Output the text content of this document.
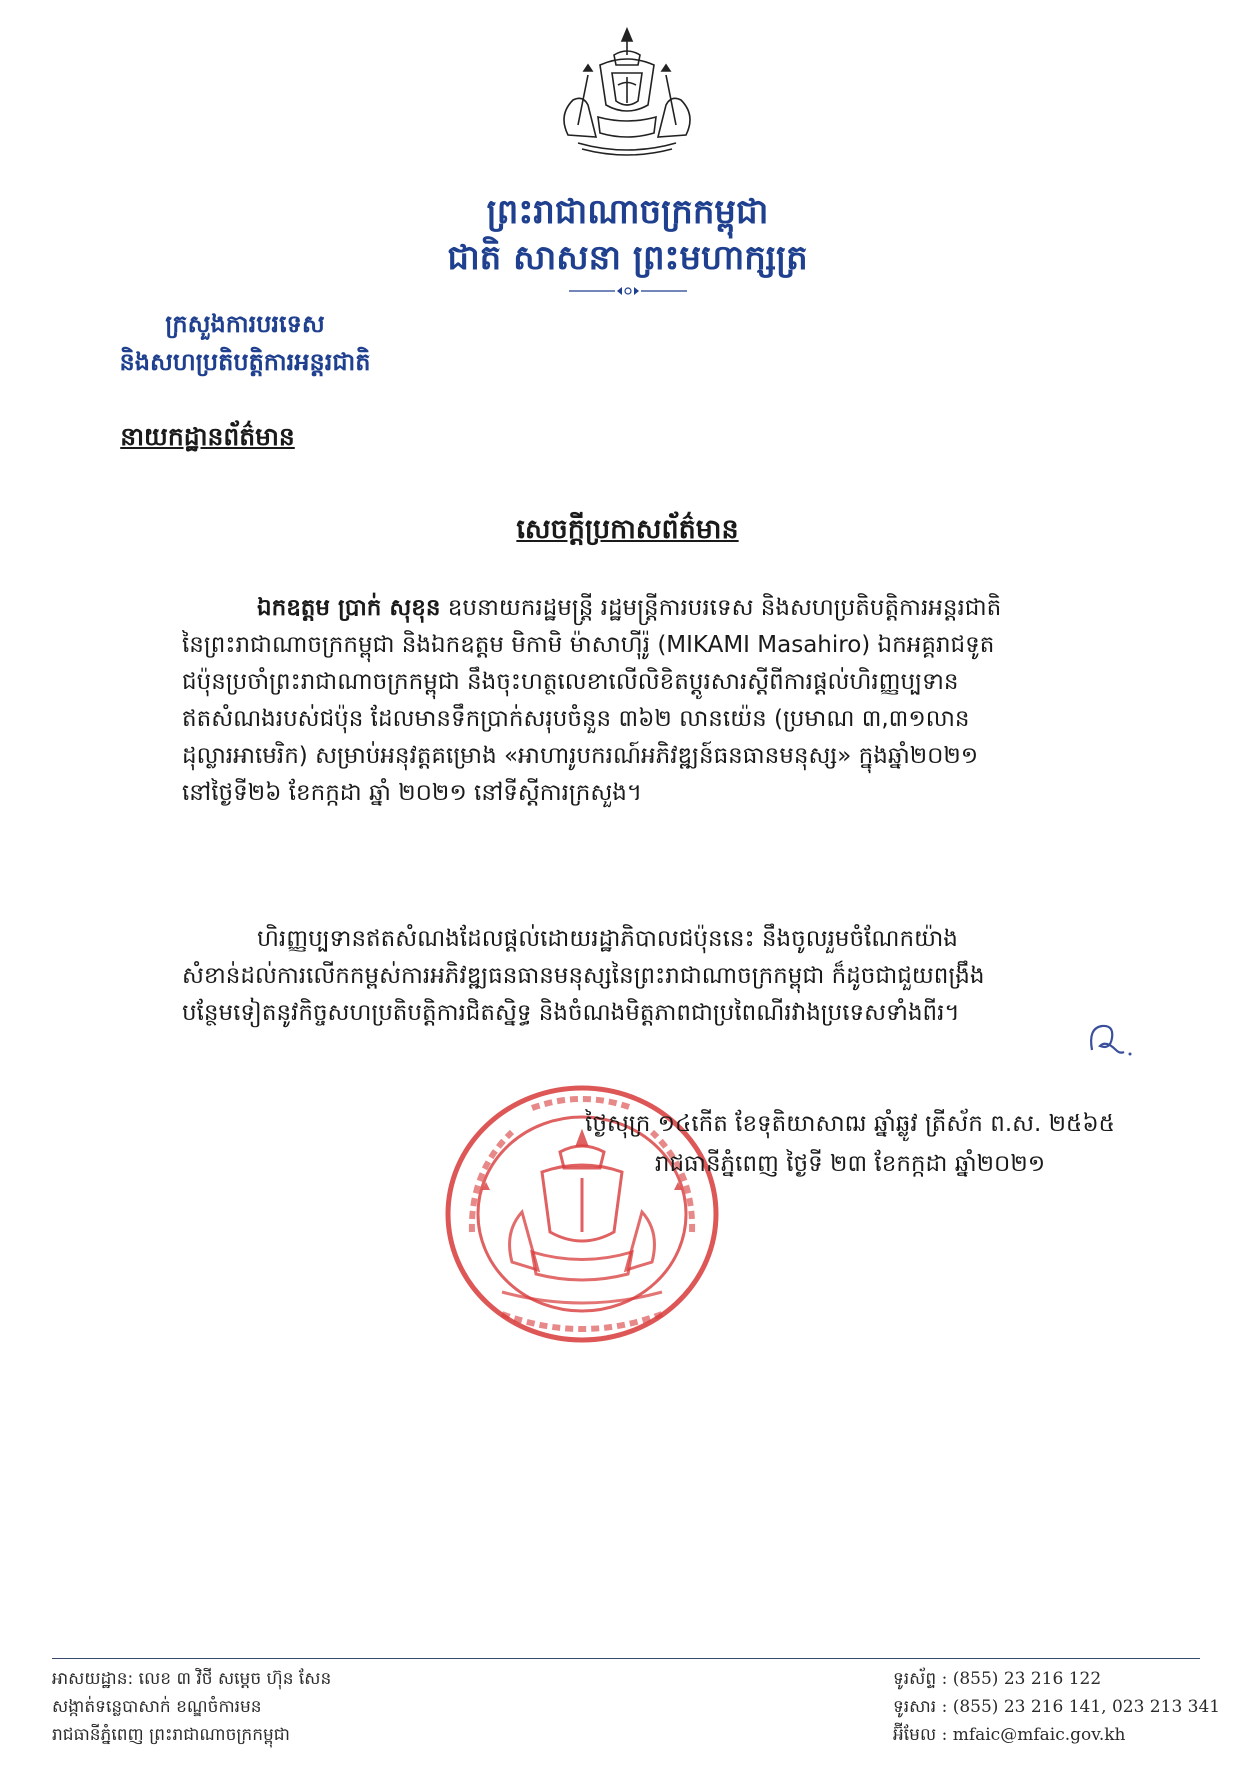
ព្រះរាជាណាចក្រកម្ពុជា
ជាតិ សាសនា ព្រះមហាក្សត្រ
ក្រសួងការបរទេស
និងសហប្រតិបត្តិការអន្តរជាតិ
នាយកដ្ឋានព័ត៌មាន
សេចក្តីប្រកាសព័ត៌មាន

ឯកឧត្តម ប្រាក់ សុខុន ឧបនាយករដ្ឋមន្ត្រី រដ្ឋមន្ត្រីការបរទេស និងសហប្រតិបត្តិការអន្តរជាតិ

នៃព្រះរាជាណាចក្រកម្ពុជា និងឯកឧត្តម មិកាមិ ម៉ាសាហ៊ីរ៉ូ (MIKAMI Masahiro) ឯកអគ្គរាជទូត

ជប៉ុនប្រចាំព្រះរាជាណាចក្រកម្ពុជា នឹងចុះហត្ថលេខាលើលិខិតប្តូរសារស្តីពីការផ្តល់ហិរញ្ញប្បទាន

ឥតសំណងរបស់ជប៉ុន ដែលមានទឹកប្រាក់សរុបចំនួន ៣៦២ លានយ៉េន (ប្រមាណ ៣,៣១លាន

ដុល្លារអាមេរិក) សម្រាប់អនុវត្តគម្រោង «អាហារូបករណ៍អភិវឌ្ឍន៍ធនធានមនុស្ស» ក្នុងឆ្នាំ២០២១

នៅថ្ងៃទី២៦ ខែកក្កដា ឆ្នាំ ២០២១ នៅទីស្តីការក្រសួង។

ហិរញ្ញប្បទានឥតសំណងដែលផ្តល់ដោយរដ្ឋាភិបាលជប៉ុននេះ នឹងចូលរួមចំណែកយ៉ាង

សំខាន់ដល់ការលើកកម្ពស់ការអភិវឌ្ឍធនធានមនុស្សនៃព្រះរាជាណាចក្រកម្ពុជា ក៏ដូចជាជួយពង្រឹង

បន្ថែមទៀតនូវកិច្ចសហប្រតិបត្តិការជិតស្និទ្ធ និងចំណងមិត្តភាពជាប្រពៃណីរវាងប្រទេសទាំងពីរ។

ថ្ងៃសុក្រ ១៤កើត ខែទុតិយាសាឍ ឆ្នាំឆ្លូវ ត្រីស័ក ព.ស. ២៥៦៥
រាជធានីភ្នំពេញ ថ្ងៃទី ២៣ ខែកក្កដា ឆ្នាំ២០២១
អាសយដ្ឋាន: លេខ ៣ វិថី សម្តេច ហ៊ុន សែន
សង្កាត់ទន្លេបាសាក់ ខណ្ឌចំការមន
រាជធានីភ្នំពេញ ព្រះរាជាណាចក្រកម្ពុជា
ទូរស័ព្ទ : (855) 23 216 122
ទូរសារ : (855) 23 216 141, 023 213 341
អ៊ីមែល : mfaic@mfaic.gov.kh
